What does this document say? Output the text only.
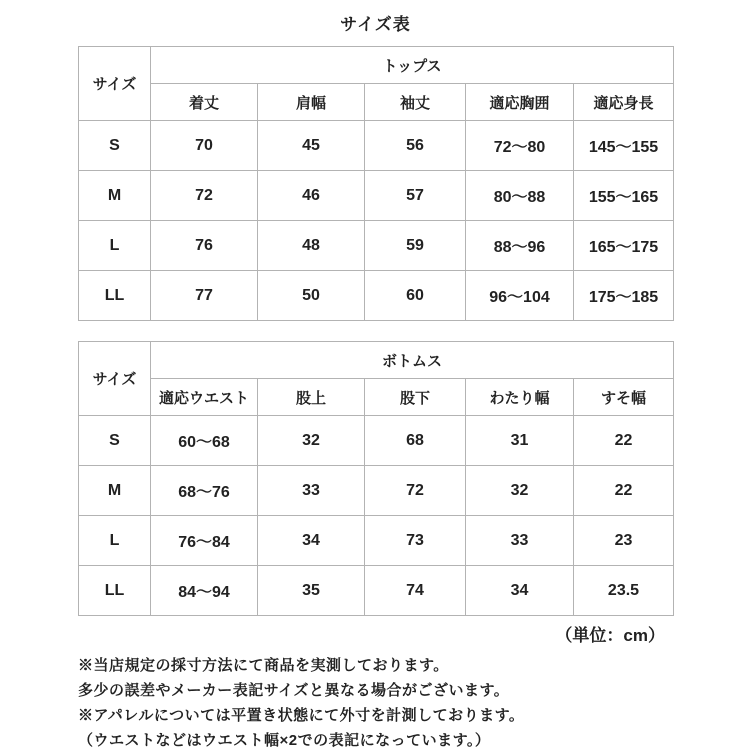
サイズ表
サイズ	トップス				
	着丈	肩幅	袖丈	適応胸囲	適応身長
S	70	45	56	72～80	145～155
M	72	46	57	80～88	155～165
L	76	48	59	88～96	165～175
LL	77	50	60	96～104	175～185
サイズ	ボトムス				
	適応ウエスト	股上	股下	わたり幅	すそ幅
S	60～68	32	68	31	22
M	68～76	33	72	32	22
L	76～84	34	73	33	23
LL	84～94	35	74	34	23.5
（単位：cm）

※当店規定の採寸方法にて商品を実測しております。

多少の誤差やメーカー表記サイズと異なる場合がございます。

※アパレルについては平置き状態にて外寸を計測しております。

（ウエストなどはウエスト幅×2での表記になっています。）
